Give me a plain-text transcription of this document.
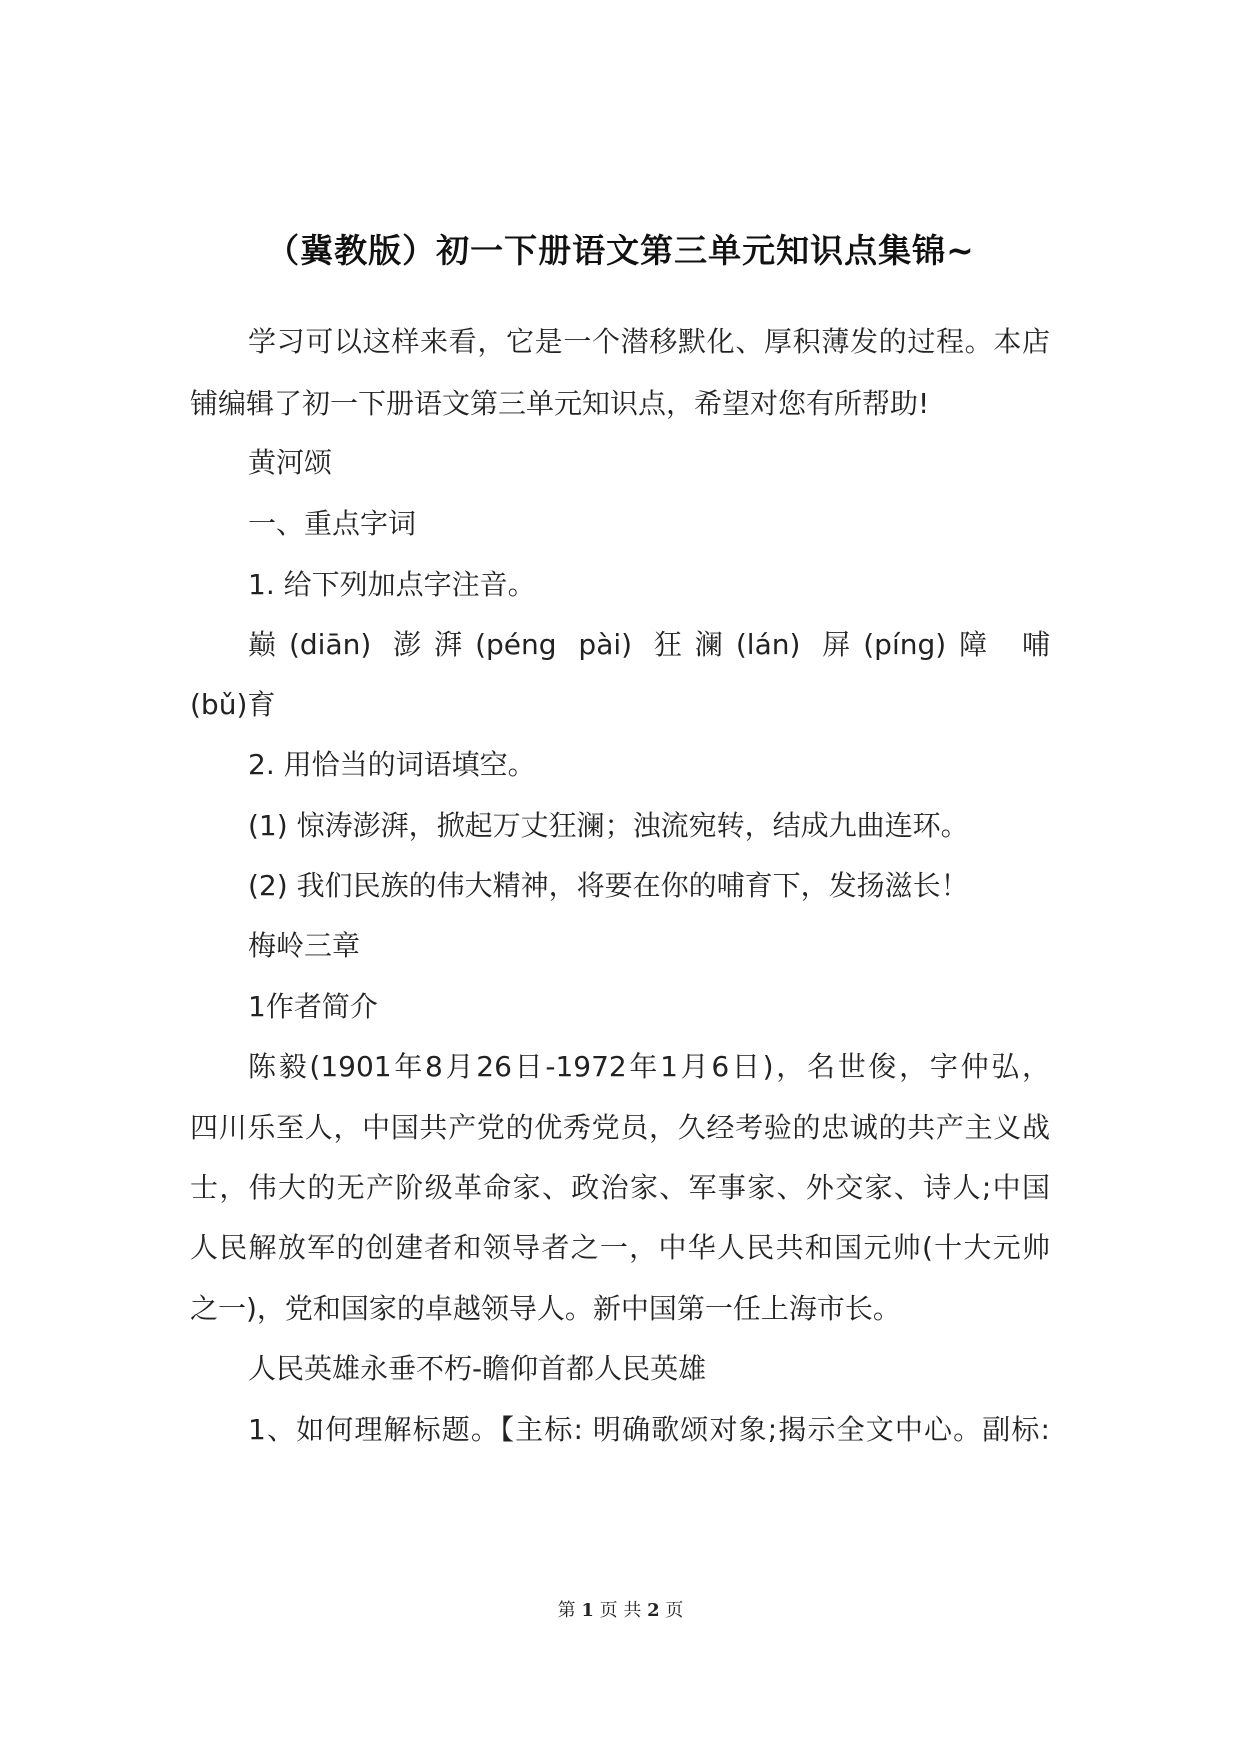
（冀教版）初一下册语文第三单元知识点集锦~
学习可以这样来看，它是一个潜移默化、厚积薄发的过程。本店
铺编辑了初一下册语文第三单元知识点，希望对您有所帮助!
黄河颂
一、重点字词
1. 给下列加点字注音。
巅(diān) 澎湃(péng pài) 狂澜(lán) 屏(píng)障 哺
(bǔ)育
2. 用恰当的词语填空。
(1) 惊涛澎湃，掀起万丈狂澜；浊流宛转，结成九曲连环。
(2) 我们民族的伟大精神，将要在你的哺育下，发扬滋长！
梅岭三章
1作者简介
陈毅(1901年8月26日-1972年1月6日)，名世俊，字仲弘，
四川乐至人，中国共产党的优秀党员，久经考验的忠诚的共产主义战
士，伟大的无产阶级革命家、政治家、军事家、外交家、诗人;中国
人民解放军的创建者和领导者之一，中华人民共和国元帅(十大元帅
之一)，党和国家的卓越领导人。新中国第一任上海市长。
人民英雄永垂不朽-瞻仰首都人民英雄
1、如何理解标题。【主标: 明确歌颂对象;揭示全文中心。副标:
第 1 页 共 2 页
